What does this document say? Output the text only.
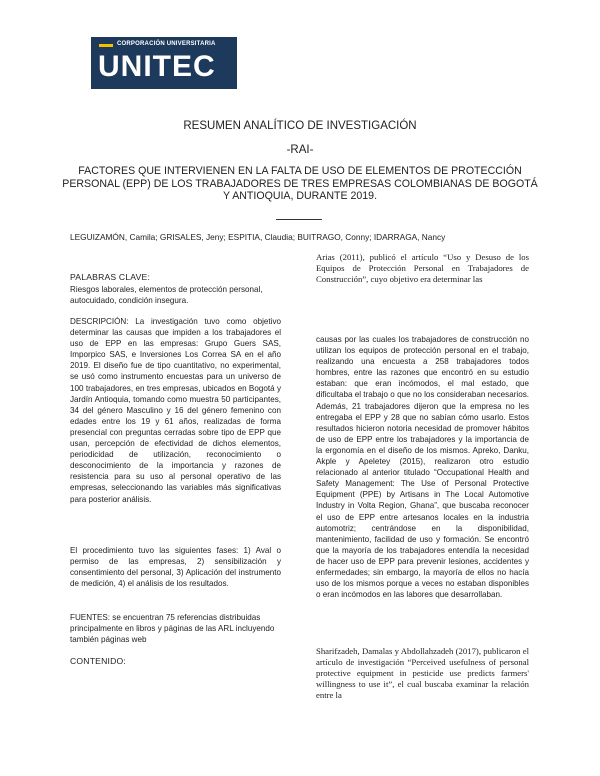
CORPORACIÓN UNIVERSITARIA
UNITEC
RESUMEN ANALÍTICO DE INVESTIGACIÓN
-RAI-
FACTORES QUE INTERVIENEN EN LA FALTA DE USO DE ELEMENTOS DE PROTECCIÓN PERSONAL (EPP) DE LOS TRABAJADORES DE TRES EMPRESAS COLOMBIANAS DE BOGOTÁ Y ANTIOQUIA, DURANTE 2019.
LEGUIZAMÓN, Camila; GRISALES, Jeny; ESPITIA, Claudia; BUITRAGO, Conny; IDARRAGA, Nancy
PALABRAS CLAVE:
Riesgos laborales, elementos de protección personal, autocuidado, condición insegura.
DESCRIPCIÓN: La investigación tuvo como objetivo determinar las causas que impiden a los trabajadores el uso de EPP en las empresas: Grupo Guers SAS, Imporpico SAS, e Inversiones Los Correa SA en el año 2019. El diseño fue de tipo cuantitativo, no experimental, se usó como instrumento encuestas para un universo de 100 trabajadores, en tres empresas, ubicados en Bogotá y Jardín Antioquia, tomando como muestra 50 participantes, 34 del género Masculino y 16 del género femenino con edades entre los 19 y 61 años, realizadas de forma presencial con preguntas cerradas sobre tipo de EPP que usan, percepción de efectividad de dichos elementos, periodicidad de utilización, reconocimiento o desconocimiento de la importancia y razones de resistencia para su uso al personal operativo de las empresas, seleccionando las variables más significativas para posterior análisis.
El procedimiento tuvo las siguientes fases: 1) Aval o permiso de las empresas, 2) sensibilización y consentimiento del personal, 3) Aplicación del instrumento de medición, 4) el análisis de los resultados.
FUENTES: se encuentran 75 referencias distribuidas principalmente en libros y páginas de las ARL incluyendo también páginas web
CONTENIDO:
Arias (2011), publicó el artículo “Uso y Desuso de los Equipos de Protección Personal en Trabajadores de Construcción”, cuyo objetivo era determinar las
causas por las cuales los trabajadores de construcción no utilizan los equipos de protección personal en el trabajo, realizando una encuesta a 258 trabajadores todos hombres, entre las razones que encontró en su estudio estaban: que eran incómodos, el mal estado, que dificultaba el trabajo o que no los consideraban necesarios. Además, 21 trabajadores dijeron que la empresa no les entregaba el EPP y 28 que no sabían cómo usarlo. Estos resultados hicieron notoria necesidad de promover hábitos de uso de EPP entre los trabajadores y la importancia de la ergonomía en el diseño de los mismos. Apreko, Danku, Akple y Apeletey (2015), realizaron otro estudio relacionado al anterior titulado “Occupational Health and Safety Management: The Use of Personal Protective Equipment (PPE) by Artisans in The Local Automotive Industry in Volta Region, Ghana”, que buscaba reconocer el uso de EPP entre artesanos locales en la industria automotriz; centrándose en la disponibilidad, mantenimiento, facilidad de uso y formación. Se encontró que la mayoría de los trabajadores entendía la necesidad de hacer uso de EPP para prevenir lesiones, accidentes y enfermedades; sin embargo, la mayoría de ellos no hacía uso de los mismos porque a veces no estaban disponibles o eran incómodos en las labores que desarrollaban.
Sharifzadeh, Damalas y Abdollahzadeh (2017), publicaron el artículo de investigación “Perceived usefulness of personal protective equipment in pesticide use predicts farmers' willingness to use it”, el cual buscaba examinar la relación entre la
